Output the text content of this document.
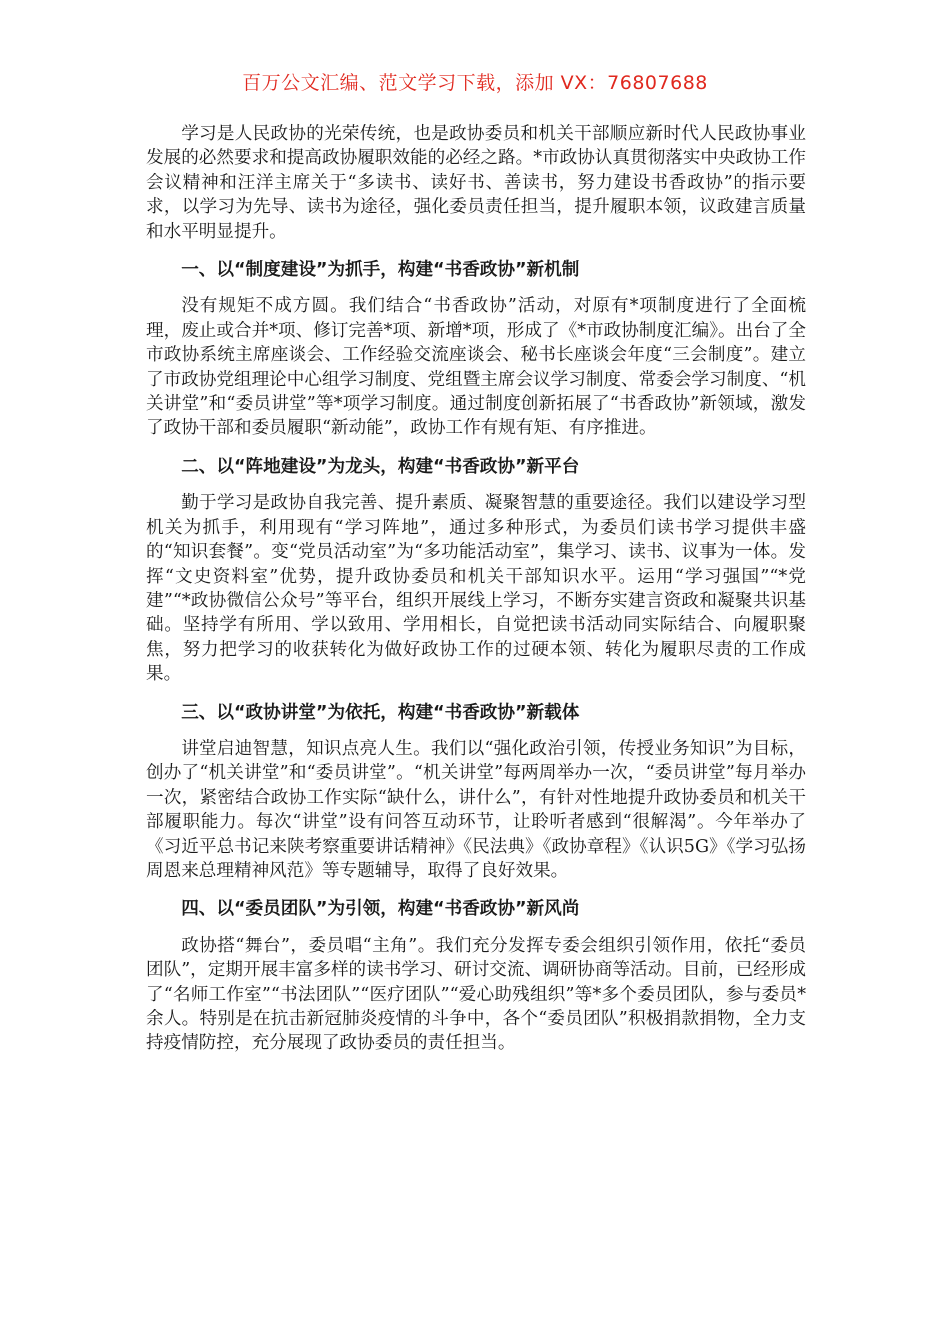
百万公文汇编、范文学习下载，添加 VX：76807688

学习是人民政协的光荣传统，也是政协委员和机关干部顺应新时代人民政协事业发展的必然要求和提高政协履职效能的必经之路。*市政协认真贯彻落实中央政协工作会议精神和汪洋主席关于“多读书、读好书、善读书，努力建设书香政协”的指示要求，以学习为先导、读书为途径，强化委员责任担当，提升履职本领，议政建言质量和水平明显提升。

一、以“制度建设”为抓手，构建“书香政协”新机制

没有规矩不成方圆。我们结合“书香政协”活动，对原有*项制度进行了全面梳理，废止或合并*项、修订完善*项、新增*项，形成了《*市政协制度汇编》。出台了全市政协系统主席座谈会、工作经验交流座谈会、秘书长座谈会年度“三会制度”。建立了市政协党组理论中心组学习制度、党组暨主席会议学习制度、常委会学习制度、“机关讲堂”和“委员讲堂”等*项学习制度。通过制度创新拓展了“书香政协”新领域，激发了政协干部和委员履职“新动能”，政协工作有规有矩、有序推进。

二、以“阵地建设”为龙头，构建“书香政协”新平台

勤于学习是政协自我完善、提升素质、凝聚智慧的重要途径。我们以建设学习型机关为抓手，利用现有“学习阵地”，通过多种形式，为委员们读书学习提供丰盛的“知识套餐”。变“党员活动室”为“多功能活动室”，集学习、读书、议事为一体。发挥“文史资料室”优势，提升政协委员和机关干部知识水平。运用“学习强国”“*党建”“*政协微信公众号”等平台，组织开展线上学习，不断夯实建言资政和凝聚共识基础。坚持学有所用、学以致用、学用相长，自觉把读书活动同实际结合、向履职聚焦，努力把学习的收获转化为做好政协工作的过硬本领、转化为履职尽责的工作成果。

三、以“政协讲堂”为依托，构建“书香政协”新载体

讲堂启迪智慧，知识点亮人生。我们以“强化政治引领，传授业务知识”为目标，创办了“机关讲堂”和“委员讲堂”。“机关讲堂”每两周举办一次，“委员讲堂”每月举办一次，紧密结合政协工作实际“缺什么，讲什么”，有针对性地提升政协委员和机关干部履职能力。每次“讲堂”设有问答互动环节，让聆听者感到“很解渴”。今年举办了《习近平总书记来陕考察重要讲话精神》《民法典》《政协章程》《认识5G》《学习弘扬周恩来总理精神风范》等专题辅导，取得了良好效果。

四、以“委员团队”为引领，构建“书香政协”新风尚

政协搭“舞台”，委员唱“主角”。我们充分发挥专委会组织引领作用，依托“委员团队”，定期开展丰富多样的读书学习、研讨交流、调研协商等活动。目前，已经形成了“名师工作室”“书法团队”“医疗团队”“爱心助残组织”等*多个委员团队，参与委员*余人。特别是在抗击新冠肺炎疫情的斗争中，各个“委员团队”积极捐款捐物，全力支持疫情防控，充分展现了政协委员的责任担当。
